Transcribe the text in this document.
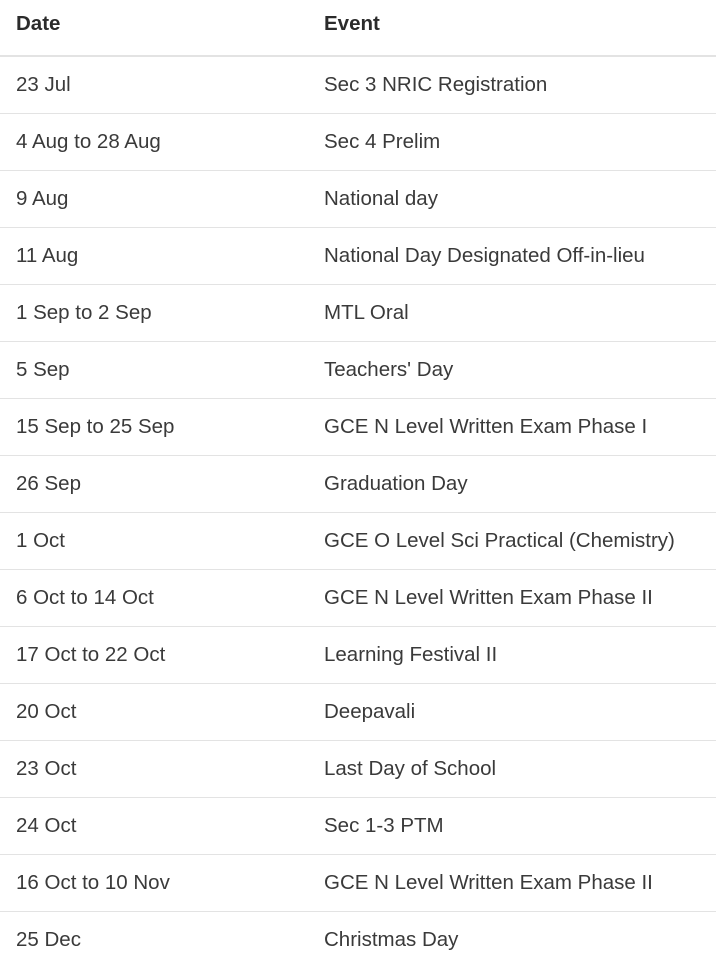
Date	Event
23 Jul	Sec 3 NRIC Registration
4 Aug to 28 Aug	Sec 4 Prelim
9 Aug	National day
11 Aug	National Day Designated Off-in-lieu
1 Sep to 2 Sep	MTL Oral
5 Sep	Teachers' Day
15 Sep to 25 Sep	GCE N Level Written Exam Phase I
26 Sep	Graduation Day
1 Oct	GCE O Level Sci Practical (Chemistry)
6 Oct to 14 Oct	GCE N Level Written Exam Phase II
17 Oct to 22 Oct	Learning Festival II
20 Oct	Deepavali
23 Oct	Last Day of School
24 Oct	Sec 1-3 PTM
16 Oct to 10 Nov	GCE N Level Written Exam Phase II
25 Dec	Christmas Day
